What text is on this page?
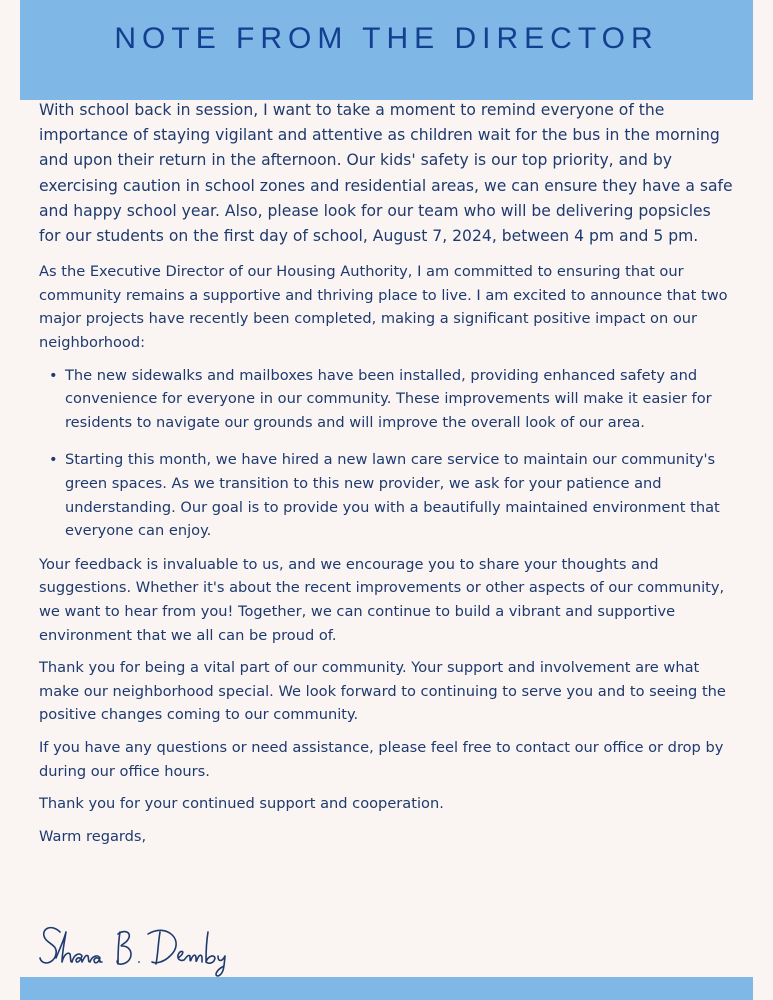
NOTE FROM THE DIRECTOR

With school back in session, I want to take a moment to remind everyone of the importance of staying vigilant and attentive as children wait for the bus in the morning and upon their return in the afternoon. Our kids' safety is our top priority, and by exercising caution in school zones and residential areas, we can ensure they have a safe and happy school year. Also, please look for our team who will be delivering popsicles for our students on the first day of school, August 7, 2024, between 4 pm and 5 pm.

As the Executive Director of our Housing Authority, I am committed to ensuring that our community remains a supportive and thriving place to live. I am excited to announce that two major projects have recently been completed, making a significant positive impact on our neighborhood:

• The new sidewalks and mailboxes have been installed, providing enhanced safety and convenience for everyone in our community. These improvements will make it easier for residents to navigate our grounds and will improve the overall look of our area.
• Starting this month, we have hired a new lawn care service to maintain our community's green spaces. As we transition to this new provider, we ask for your patience and understanding. Our goal is to provide you with a beautifully maintained environment that everyone can enjoy.

Your feedback is invaluable to us, and we encourage you to share your thoughts and suggestions. Whether it's about the recent improvements or other aspects of our community, we want to hear from you! Together, we can continue to build a vibrant and supportive environment that we all can be proud of.

Thank you for being a vital part of our community. Your support and involvement are what make our neighborhood special. We look forward to continuing to serve you and to seeing the positive changes coming to our community.

If you have any questions or need assistance, please feel free to contact our office or drop by during our office hours.

Thank you for your continued support and cooperation.

Warm regards,
